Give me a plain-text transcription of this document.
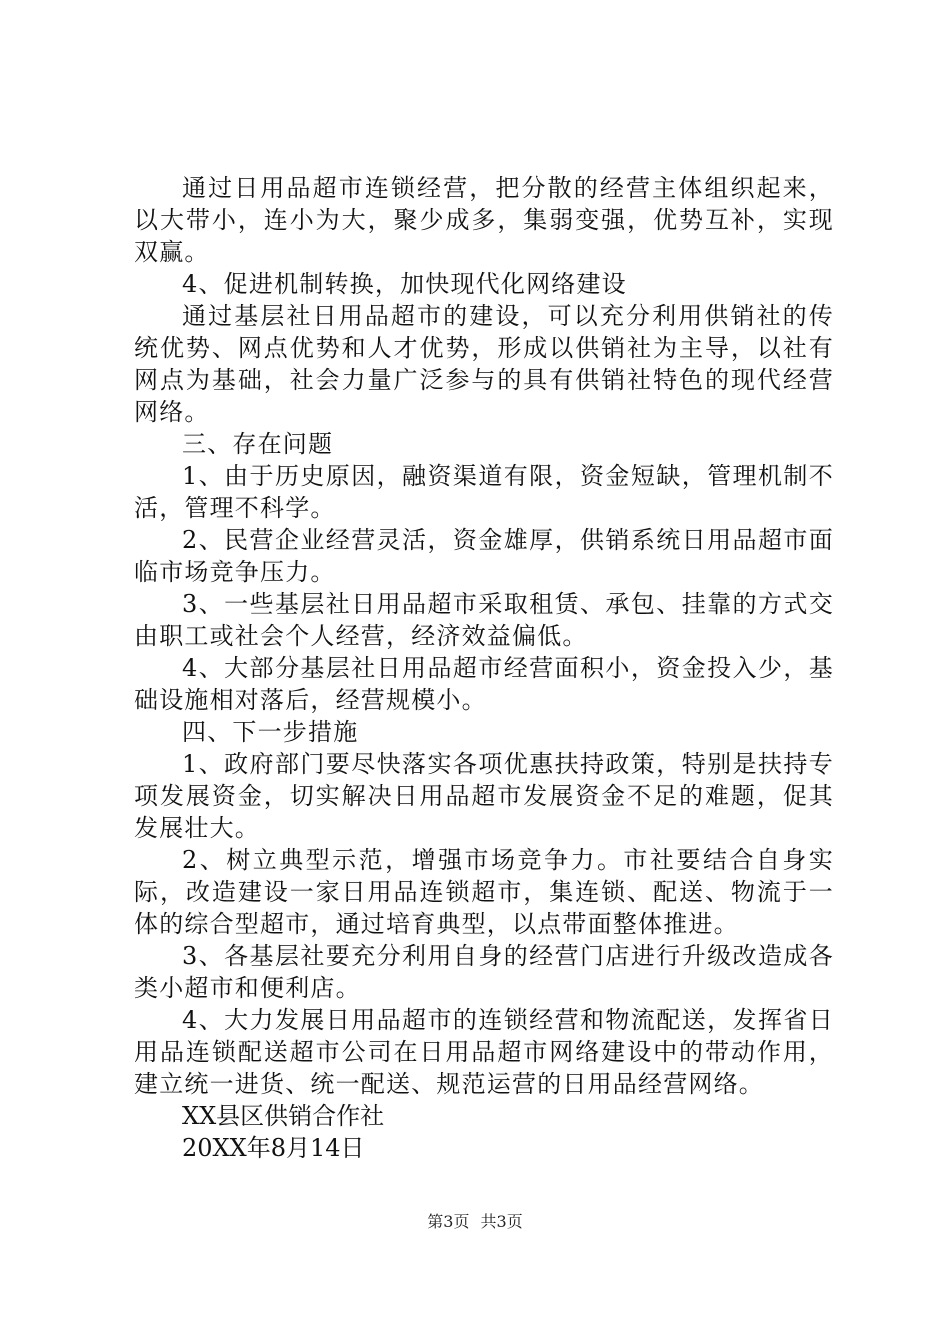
通过日用品超市连锁经营，把分散的经营主体组织起来，以大带小，连小为大，聚少成多，集弱变强，优势互补，实现双赢。

4、促进机制转换，加快现代化网络建设

通过基层社日用品超市的建设，可以充分利用供销社的传统优势、网点优势和人才优势，形成以供销社为主导，以社有网点为基础，社会力量广泛参与的具有供销社特色的现代经营网络。

三、存在问题

1、由于历史原因，融资渠道有限，资金短缺，管理机制不活，管理不科学。

2、民营企业经营灵活，资金雄厚，供销系统日用品超市面临市场竞争压力。

3、一些基层社日用品超市采取租赁、承包、挂靠的方式交由职工或社会个人经营，经济效益偏低。

4、大部分基层社日用品超市经营面积小，资金投入少，基础设施相对落后，经营规模小。

四、下一步措施

1、政府部门要尽快落实各项优惠扶持政策，特别是扶持专项发展资金，切实解决日用品超市发展资金不足的难题，促其发展壮大。

2、树立典型示范，增强市场竞争力。市社要结合自身实际，改造建设一家日用品连锁超市，集连锁、配送、物流于一体的综合型超市，通过培育典型，以点带面整体推进。

3、各基层社要充分利用自身的经营门店进行升级改造成各类小超市和便利店。

4、大力发展日用品超市的连锁经营和物流配送，发挥省日用品连锁配送超市公司在日用品超市网络建设中的带动作用，建立统一进货、统一配送、规范运营的日用品经营网络。

XX县区供销合作社

20XX年8月14日

第3页 共3页
